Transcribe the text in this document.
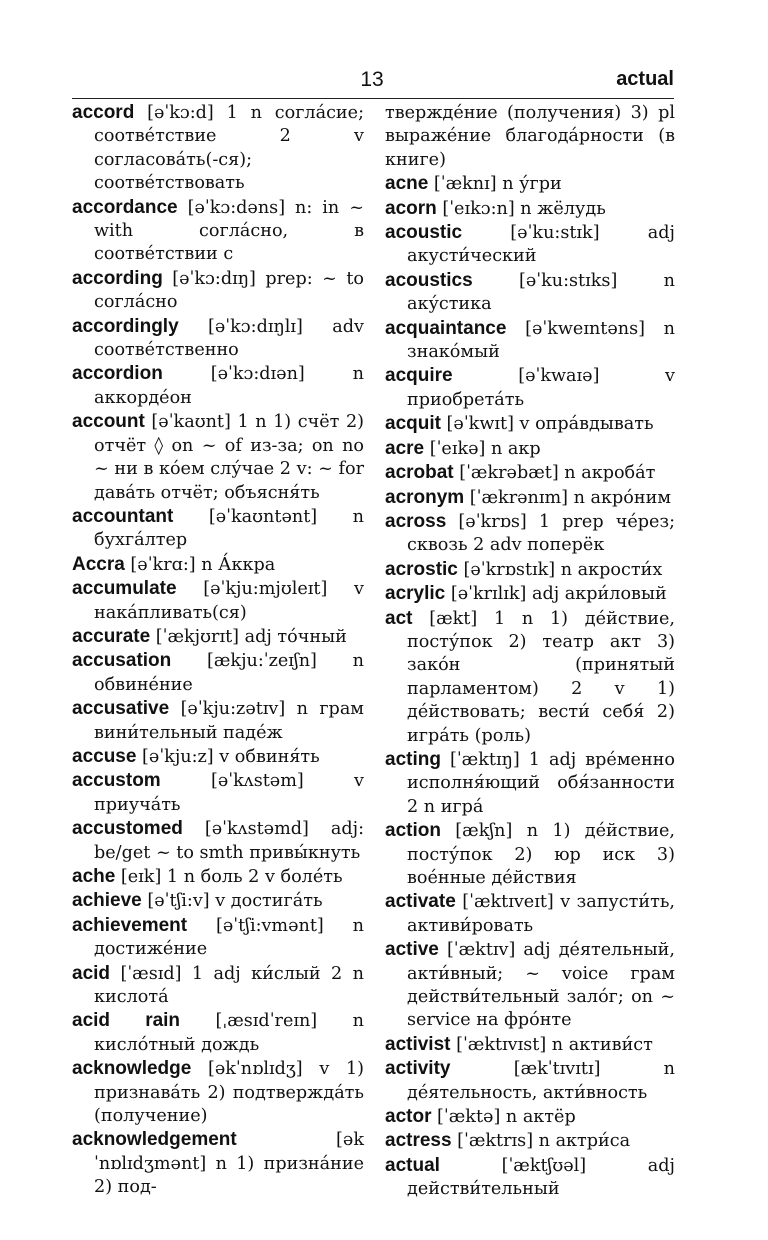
13	actual
accord [əˈkɔ:d] 1 n согла́сие; соотве́тствие 2 v согласова́ть(-ся); соотве́тствовать
accordance [əˈkɔ:dəns] n: in ~ with согла́сно, в соотве́тствии с
according [əˈkɔ:dɪŋ] prep: ~ to согла́сно
accordingly [əˈkɔ:dɪŋlɪ] adv соотве́тственно
accordion [əˈkɔ:dɪən] n аккорде́он
account [əˈkaʊnt] 1 n 1) счёт 2) отчёт ◊ on ~ of из-за; on no ~ ни в ко́ем слу́чае 2 v: ~ for дава́ть отчёт; объясня́ть
accountant [əˈkaʊntənt] n бухга́лтер
Accra [əˈkrɑ:] n А́ккра
accumulate [əˈkju:mjʊleɪt] v нака́пливать(ся)
accurate [ˈækjʊrɪt] adj то́чный
accusation [ækju:ˈzeɪʃn] n обвине́ние
accusative [əˈkju:zətɪv] n грам вини́тельный паде́ж
accuse [əˈkju:z] v обвиня́ть
accustom [əˈkʌstəm] v приуча́ть
accustomed [əˈkʌstəmd] adj: be/get ~ to smth привы́кнуть
ache [eɪk] 1 n боль 2 v боле́ть
achieve [əˈtʃi:v] v достига́ть
achievement [əˈtʃi:vmənt] n достиже́ние
acid [ˈæsɪd] 1 adj ки́слый 2 n кислота́
acid rain [ˌæsɪdˈreɪn] n кисло́тный дождь
acknowledge [əkˈnɒlɪdʒ] v 1) признава́ть 2) подтвержда́ть (получение)
acknowledgement [əkˈnɒlɪdʒmənt] n 1) призна́ние 2) под-
тверждéние (получения) 3) pl выражéние благода́рности (в книге)
acne [ˈæknɪ] n у́гри
acorn [ˈeɪkɔ:n] n жёлудь
acoustic [əˈku:stɪk] adj акусти́ческий
acoustics [əˈku:stɪks] n аку́стика
acquaintance [əˈkweɪntəns] n знако́мый
acquire [əˈkwaɪə] v приобрета́ть
acquit [əˈkwɪt] v опра́вдывать
acre [ˈeɪkə] n акр
acrobat [ˈækrəbæt] n акроба́т
acronym [ˈækrənɪm] n акро́ним
across [əˈkrɒs] 1 prep че́рез; сквозь 2 adv поперёк
acrostic [əˈkrɒstɪk] n акрости́х
acrylic [əˈkrɪlɪk] adj акри́ловый
act [ækt] 1 n 1) де́йствие, посту́пок 2) театр акт 3) зако́н (принятый парламентом) 2 v 1) де́йствовать; вести́ себя́ 2) игра́ть (роль)
acting [ˈæktɪŋ] 1 adj вре́менно исполня́ющий обя́занности 2 n игра́
action [ækʃn] n 1) де́йствие, посту́пок 2) юр иск 3) вое́нные де́йствия
activate [ˈæktɪveɪt] v запусти́ть, активи́ровать
active [ˈæktɪv] adj де́ятельный, акти́вный; ~ voice грам действи́тельный зало́г; on ~ service на фро́нте
activist [ˈæktɪvɪst] n активи́ст
activity [ækˈtɪvɪtɪ] n де́ятельность, акти́вность
actor [ˈæktə] n актёр
actress [ˈæktrɪs] n актри́са
actual [ˈæktʃʊəl] adj действи́тельный
